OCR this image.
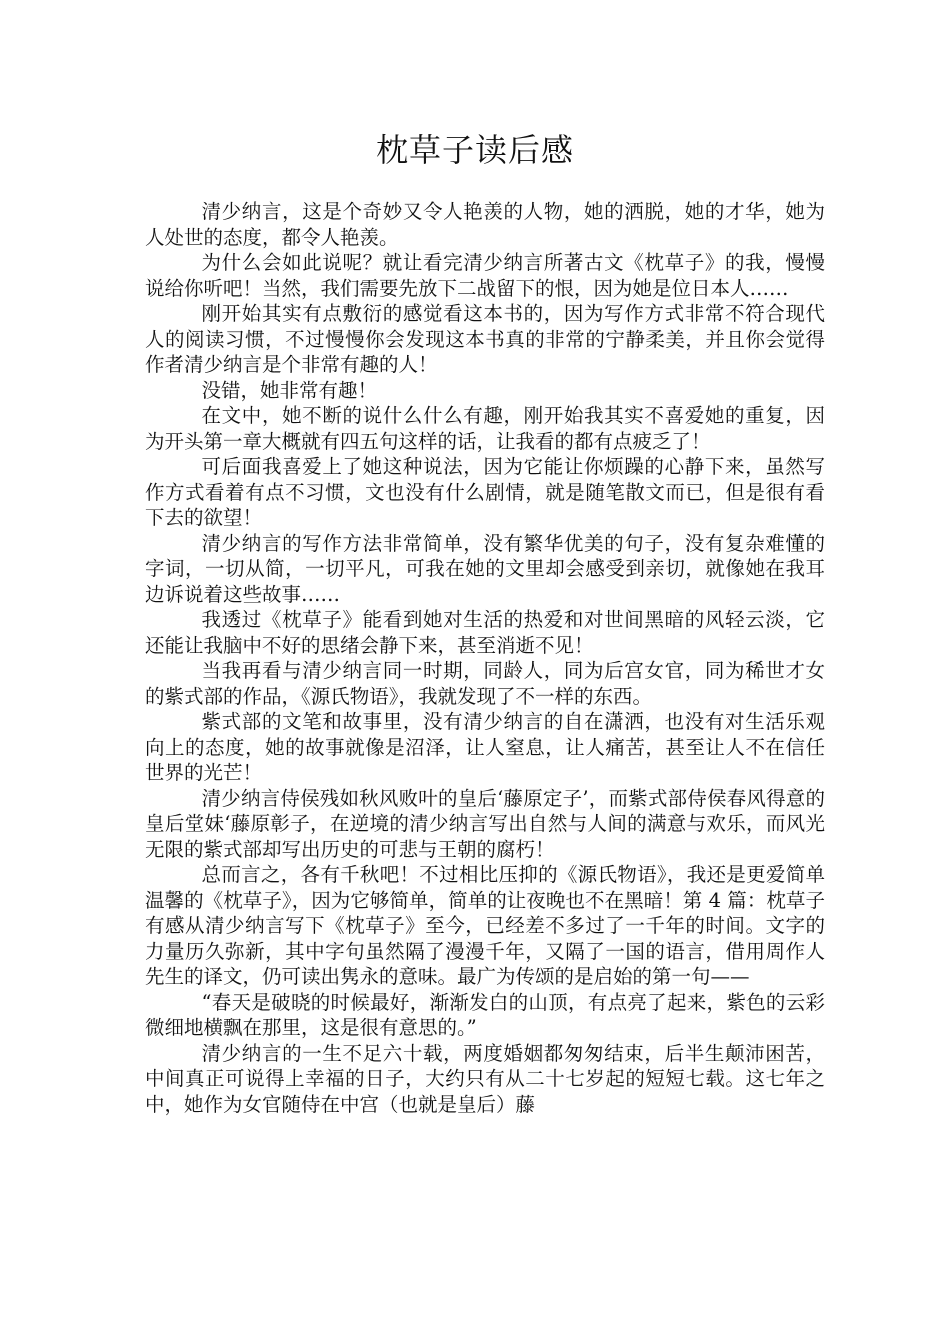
枕草子读后感

清少纳言，这是个奇妙又令人艳羡的人物，她的洒脱，她的才华，她为人处世的态度，都令人艳羡。

为什么会如此说呢？就让看完清少纳言所著古文《枕草子》的我，慢慢说给你听吧！当然，我们需要先放下二战留下的恨，因为她是位日本人……

刚开始其实有点敷衍的感觉看这本书的，因为写作方式非常不符合现代人的阅读习惯，不过慢慢你会发现这本书真的非常的宁静柔美，并且你会觉得作者清少纳言是个非常有趣的人！

没错，她非常有趣！

在文中，她不断的说什么什么有趣，刚开始我其实不喜爱她的重复，因为开头第一章大概就有四五句这样的话，让我看的都有点疲乏了！

可后面我喜爱上了她这种说法，因为它能让你烦躁的心静下来，虽然写作方式看着有点不习惯，文也没有什么剧情，就是随笔散文而已，但是很有看下去的欲望！

清少纳言的写作方法非常简单，没有繁华优美的句子，没有复杂难懂的字词，一切从简，一切平凡，可我在她的文里却会感受到亲切，就像她在我耳边诉说着这些故事……

我透过《枕草子》能看到她对生活的热爱和对世间黑暗的风轻云淡，它还能让我脑中不好的思绪会静下来，甚至消逝不见！

当我再看与清少纳言同一时期，同龄人，同为后宫女官，同为稀世才女的紫式部的作品，《源氏物语》，我就发现了不一样的东西。

紫式部的文笔和故事里，没有清少纳言的自在潇洒，也没有对生活乐观向上的态度，她的故事就像是沼泽，让人窒息，让人痛苦，甚至让人不在信任世界的光芒！

清少纳言侍侯残如秋风败叶的皇后‘藤原定子’，而紫式部侍侯春风得意的皇后堂妹‘藤原彰子，在逆境的清少纳言写出自然与人间的满意与欢乐，而风光无限的紫式部却写出历史的可悲与王朝的腐朽！

总而言之，各有千秋吧！不过相比压抑的《源氏物语》，我还是更爱简单温馨的《枕草子》，因为它够简单，简单的让夜晚也不在黑暗！第 4 篇：枕草子有感从清少纳言写下《枕草子》至今，已经差不多过了一千年的时间。文字的力量历久弥新，其中字句虽然隔了漫漫千年，又隔了一国的语言，借用周作人先生的译文，仍可读出隽永的意味。最广为传颂的是启始的第一句——

“春天是破晓的时候最好，渐渐发白的山顶，有点亮了起来，紫色的云彩微细地横飘在那里，这是很有意思的。”

清少纳言的一生不足六十载，两度婚姻都匆匆结束，后半生颠沛困苦，中间真正可说得上幸福的日子，大约只有从二十七岁起的短短七载。这七年之中，她作为女官随侍在中宫（也就是皇后）藤
